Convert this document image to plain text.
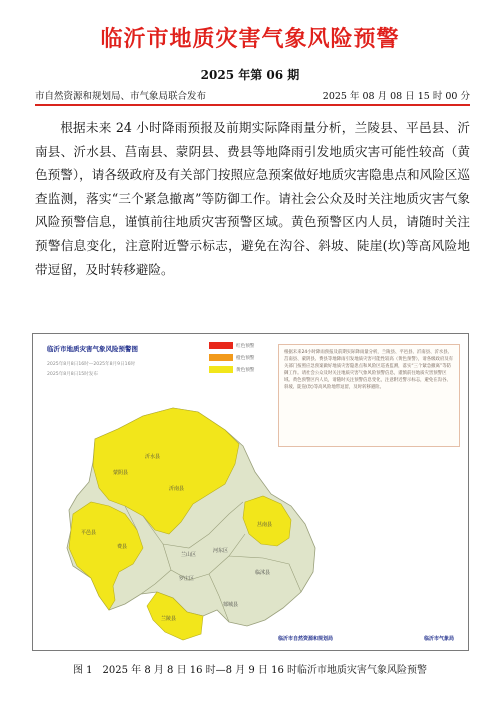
临沂市地质灾害气象风险预警
2025 年第 06 期
市自然资源和规划局、市气象局联合发布	2025 年 08 月 08 日 15 时 00 分

根据未来 24 小时降雨预报及前期实际降雨量分析，兰陵县、平邑县、沂南县、沂水县、莒南县、蒙阴县、费县等地降雨引发地质灾害可能性较高（黄色预警），请各级政府及有关部门按照应急预案做好地质灾害隐患点和风险区巡查监测，落实“三个紧急撤离”等防御工作。请社会公众及时关注地质灾害气象风险预警信息，谨慎前往地质灾害预警区域。黄色预警区内人员，请随时关注预警信息变化，注意附近警示标志，避免在沟谷、斜坡、陡崖(坎)等高风险地带逗留，及时转移避险。

临沂市地质灾害气象风险预警图
2025年8月8日16时—2025年8月9日16时
2025年8月8日15时发布
红色预警
橙色预警
黄色预警

根据未来24小时降雨预报及前期实际降雨量分析，兰陵县、平邑县、沂南县、沂水县、莒南县、蒙阴县、费县等地降雨引发地质灾害可能性较高（黄色预警），请各级政府及有关部门按照应急预案做好地质灾害隐患点和风险区巡查监测，落实“三个紧急撤离”等防御工作。请社会公众及时关注地质灾害气象风险预警信息，谨慎前往地质灾害预警区域。黄色预警区内人员，请随时关注预警信息变化，注意附近警示标志，避免在沟谷、斜坡、陡崖(坎)等高风险地带逗留，及时转移避险。

沂水县
蒙阴县
沂南县
平邑县
费县
兰山区
罗庄区
河东区
莒南县
临沭县
郯城县
兰陵县
临沂市自然资源和规划局	临沂市气象局
图 1　2025 年 8 月 8 日 16 时—8 月 9 日 16 时临沂市地质灾害气象风险预警
